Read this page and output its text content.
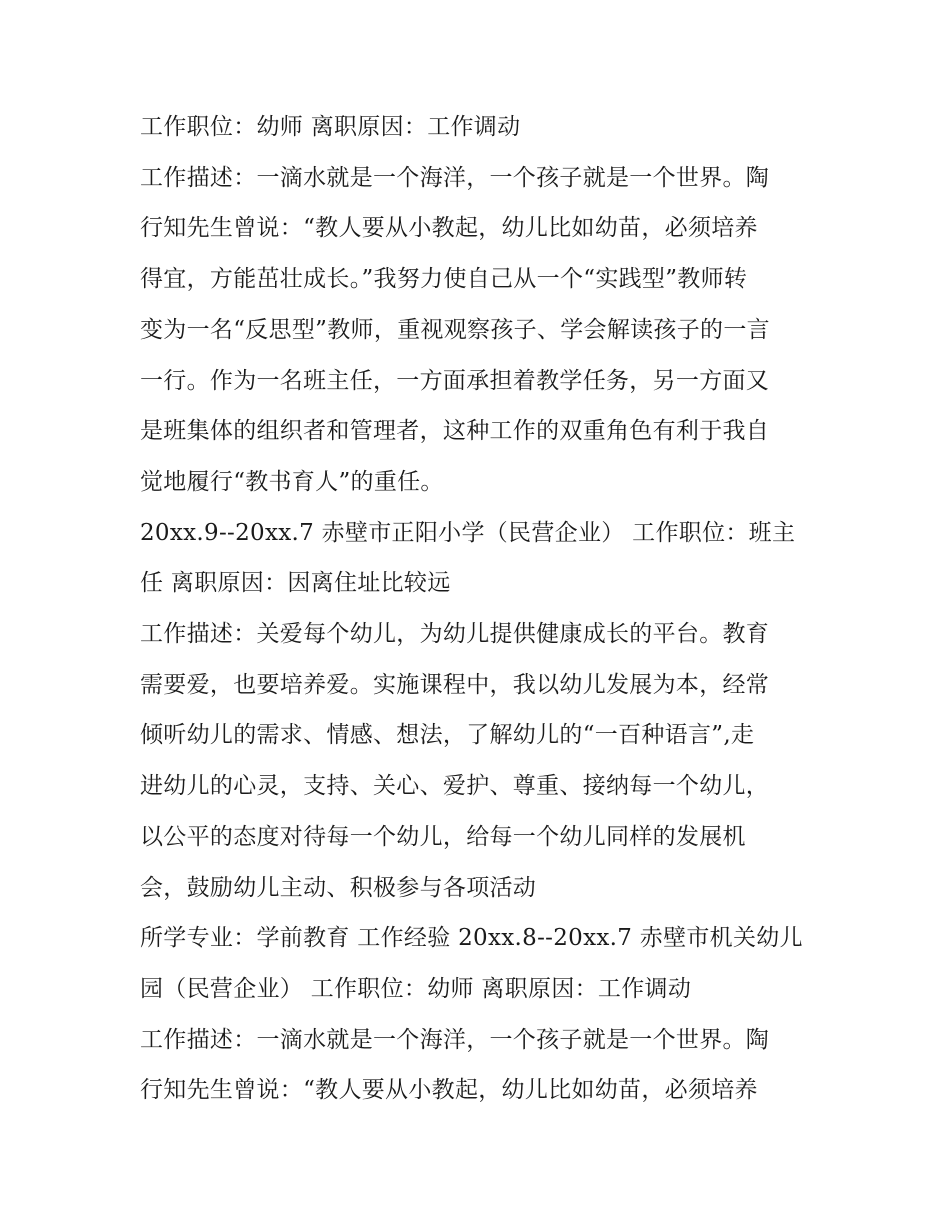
工作职位：幼师 离职原因：工作调动
工作描述：一滴水就是一个海洋，一个孩子就是一个世界。陶
行知先生曾说：“教人要从小教起，幼儿比如幼苗，必须培养
得宜，方能茁壮成长。”我努力使自己从一个“实践型”教师转
变为一名“反思型”教师，重视观察孩子、学会解读孩子的一言
一行。作为一名班主任，一方面承担着教学任务，另一方面又
是班集体的组织者和管理者，这种工作的双重角色有利于我自
觉地履行“教书育人”的重任。
20xx.9--20xx.7 赤壁市正阳小学（民营企业） 工作职位：班主
任 离职原因：因离住址比较远
工作描述：关爱每个幼儿，为幼儿提供健康成长的平台。教育
需要爱，也要培养爱。实施课程中，我以幼儿发展为本，经常
倾听幼儿的需求、情感、想法，了解幼儿的“一百种语言”,走
进幼儿的心灵，支持、关心、爱护、尊重、接纳每一个幼儿，
以公平的态度对待每一个幼儿，给每一个幼儿同样的发展机
会，鼓励幼儿主动、积极参与各项活动
所学专业：学前教育 工作经验 20xx.8--20xx.7 赤壁市机关幼儿
园（民营企业） 工作职位：幼师 离职原因：工作调动
工作描述：一滴水就是一个海洋，一个孩子就是一个世界。陶
行知先生曾说：“教人要从小教起，幼儿比如幼苗，必须培养
